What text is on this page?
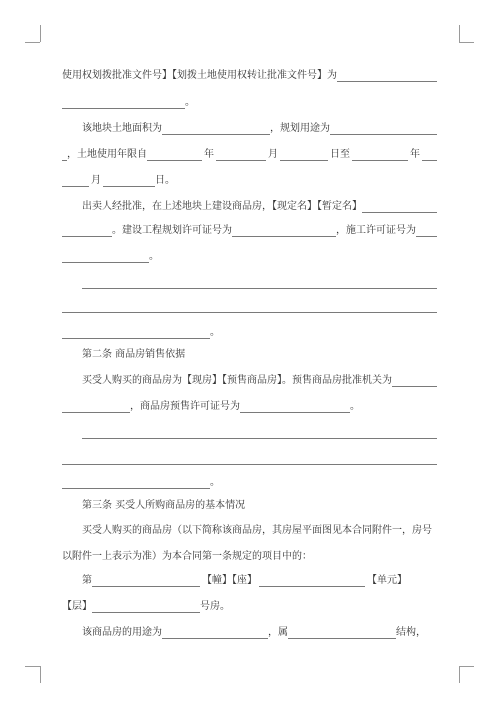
使用权划拨批准文件号】【划拨土地使用权转让批准文件号】为
。
该地块土地面积为	，规划用途为
，土地使用年限自	年	月	日至	年
月	日。
出卖人经批准，在上述地块上建设商品房，【现定名】【暂定名】
。建设工程规划许可证号为	，施工许可证号为
。
。
第二条 商品房销售依据
买受人购买的商品房为【现房】【预售商品房】。预售商品房批准机关为
，商品房预售许可证号为	。
。
第三条 买受人所购商品房的基本情况
买受人购买的商品房（以下简称该商品房，其房屋平面图见本合同附件一，房号
以附件一上表示为准）为本合同第一条规定的项目中的：
第	【幢】【座】	【单元】
【层】	号房。
该商品房的用途为	，属	结构，
